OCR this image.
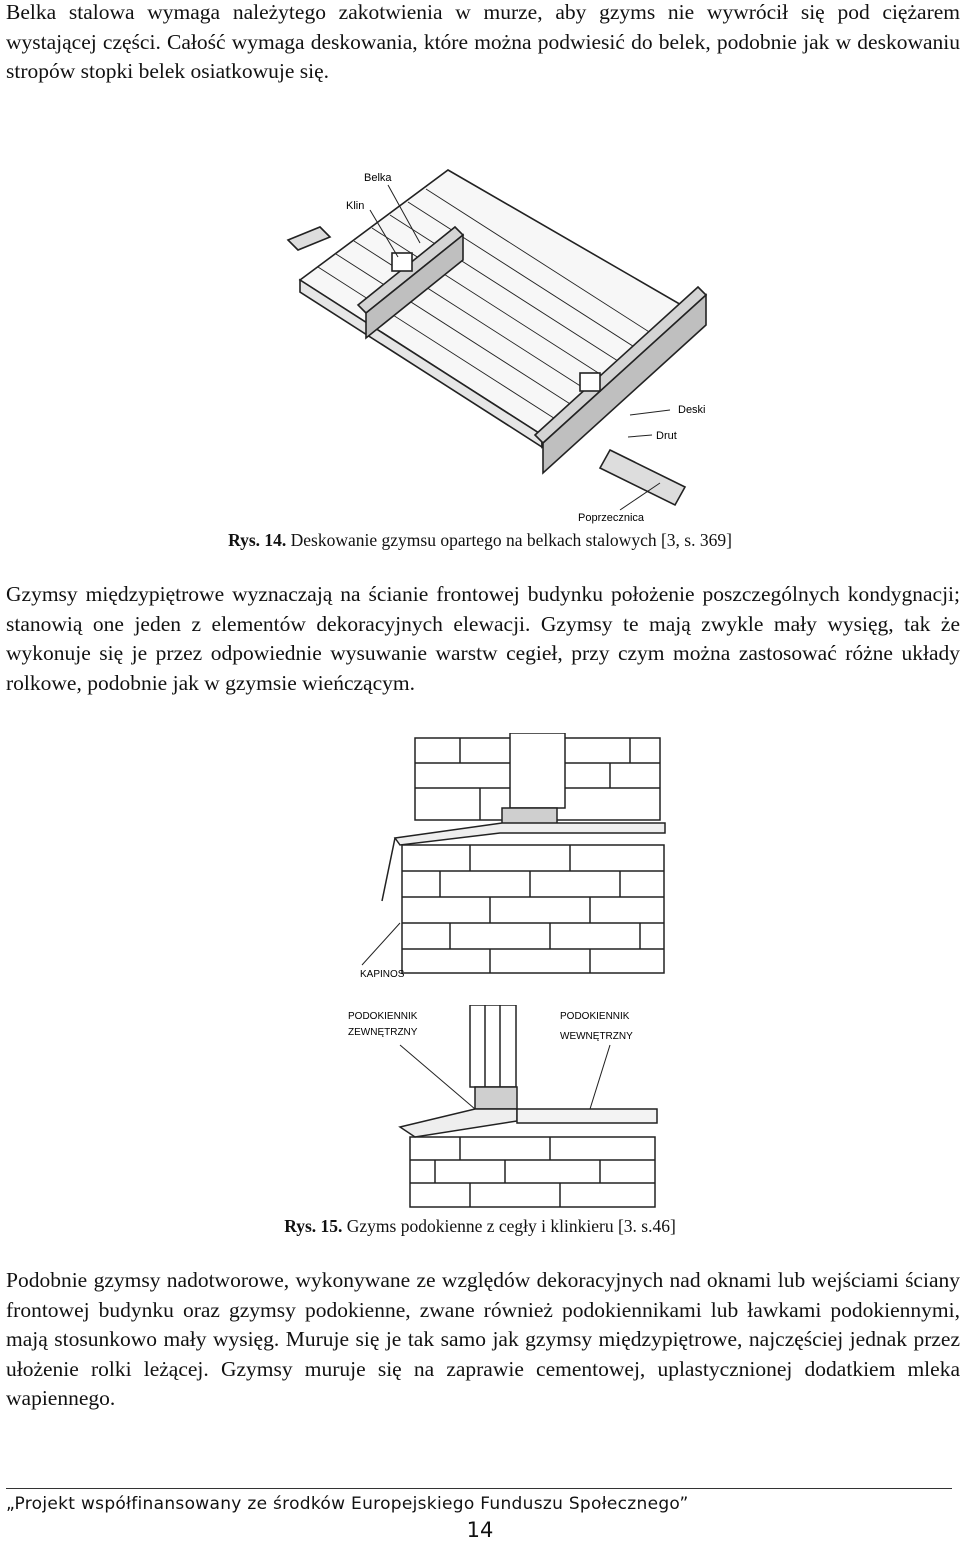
Belka stalowa wymaga należytego zakotwienia w murze, aby gzyms nie wywrócił się pod ciężarem wystającej części. Całość wymaga deskowania, które można podwiesić do belek, podobnie jak w deskowaniu stropów stopki belek osiatkowuje się.

Belka
Klin
Deski
Drut
Poprzecznica

Rys. 14. Deskowanie gzymsu opartego na belkach stalowych [3, s. 369]

Gzymsy międzypiętrowe wyznaczają na ścianie frontowej budynku położenie poszczególnych kondygnacji; stanowią one jeden z elementów dekoracyjnych elewacji. Gzymsy te mają zwykle mały wysięg, tak że wykonuje się je przez odpowiednie wysuwanie warstw cegieł, przy czym można zastosować różne układy rolkowe, podobnie jak w gzymsie wieńczącym.

KAPINOS
PODOKIENNIK
ZEWNĘTRZNY
PODOKIENNIK
WEWNĘTRZNY

Rys. 15. Gzyms podokienne z cegły i klinkieru [3. s.46]

Podobnie gzymsy nadotworowe, wykonywane ze względów dekoracyjnych nad oknami lub wejściami ściany frontowej budynku oraz gzymsy podokienne, zwane również podokiennikami lub ławkami podokiennymi, mają stosunkowo mały wysięg. Muruje się je tak samo jak gzymsy międzypiętrowe, najczęściej jednak przez ułożenie rolki leżącej. Gzymsy muruje się na zaprawie cementowej, uplastycznionej dodatkiem mleka wapiennego.

„Projekt współfinansowany ze środków Europejskiego Funduszu Społecznego”
14
